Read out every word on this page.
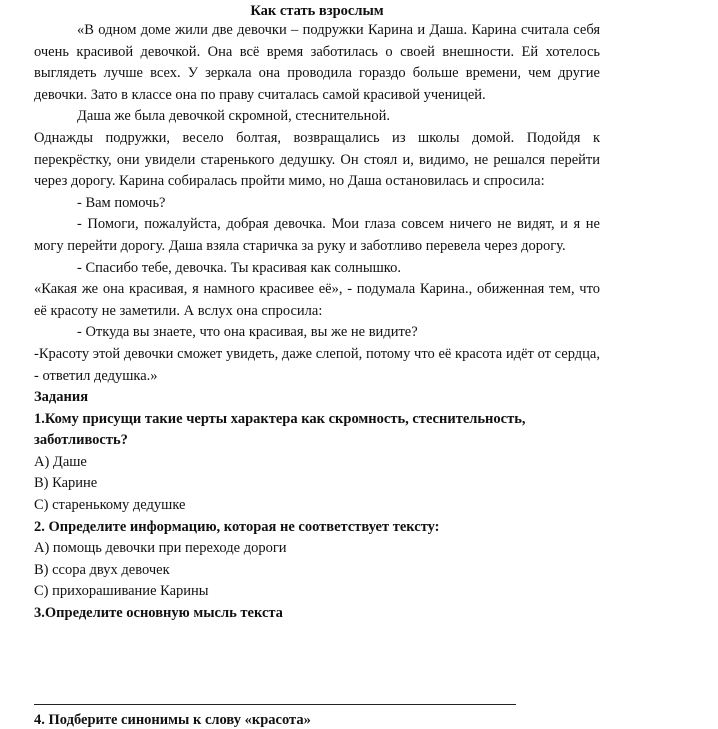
Как стать взрослым
«В одном доме жили две девочки – подружки Карина и Даша. Карина считала себя очень красивой девочкой. Она всё время заботилась о своей внешности. Ей хотелось выглядеть лучше всех. У зеркала она проводила гораздо больше времени, чем другие девочки. Зато в классе она по праву считалась самой красивой ученицей.
Даша же была девочкой скромной, стеснительной.
Однажды подружки, весело болтая, возвращались из школы домой. Подойдя к перекрёстку, они увидели старенького дедушку. Он стоял и, видимо, не решался перейти через дорогу. Карина собиралась пройти мимо, но Даша остановилась и спросила:
- Вам помочь?
- Помоги, пожалуйста, добрая девочка. Мои глаза совсем ничего не видят, и я не могу перейти дорогу. Даша взяла старичка за руку и заботливо перевела через дорогу.
- Спасибо тебе, девочка. Ты красивая как солнышко.
«Какая же она красивая, я намного красивее её», - подумала Карина., обиженная тем, что её красоту не заметили. А вслух она спросила:
- Откуда вы знаете, что она красивая, вы же не видите?
-Красоту этой девочки сможет увидеть, даже слепой, потому что её красота идёт от сердца, - ответил дедушка.»
Задания
1.Кому присущи такие черты характера как скромность, стеснительность, заботливость?
А) Даше
В) Карине
С) старенькому дедушке
2. Определите информацию, которая не соответствует тексту:
А) помощь девочки при переходе дороги
В) ссора двух девочек
С) прихорашивание Карины
3.Определите основную мысль текста
4. Подберите синонимы к слову «красота»
